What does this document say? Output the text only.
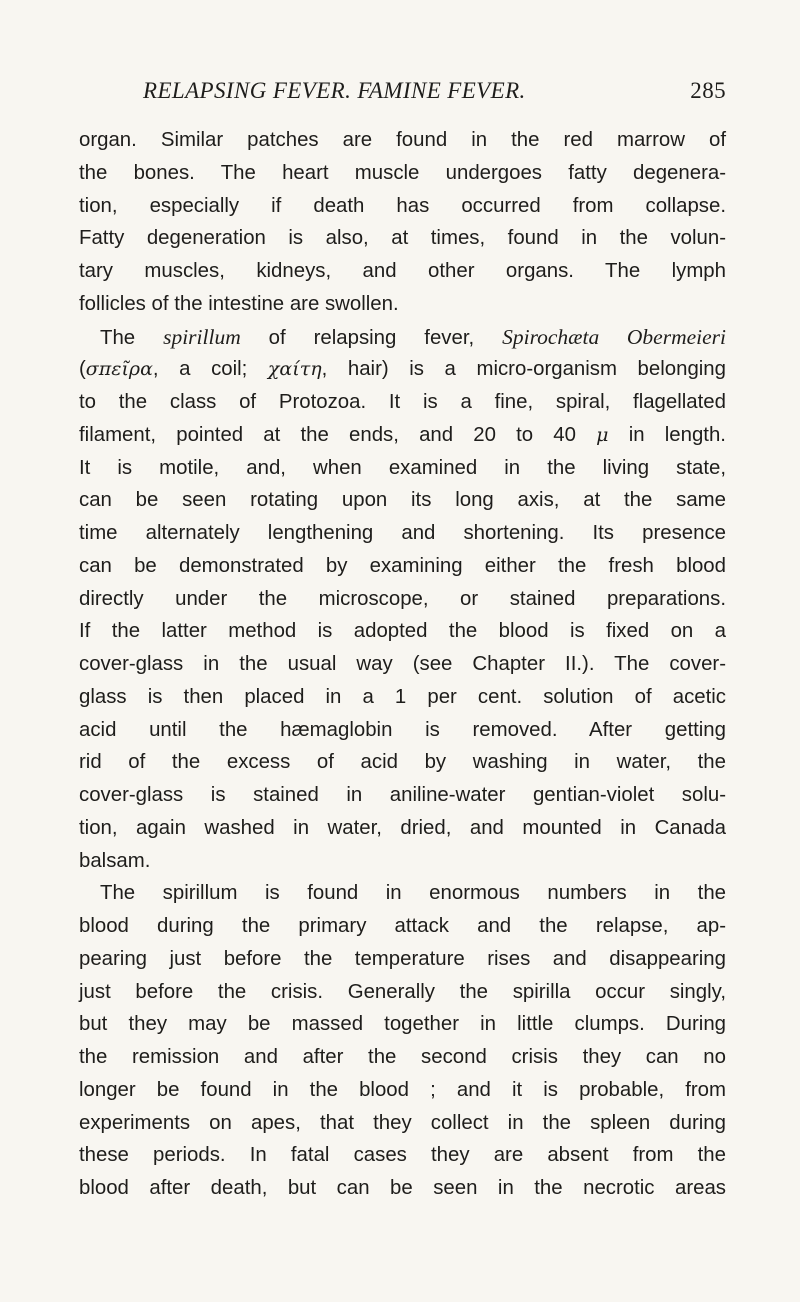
RELAPSING FEVER. FAMINE FEVER.	285
organ. Similar patches are found in the red marrow of
the bones. The heart muscle undergoes fatty degenera-
tion, especially if death has occurred from collapse.
Fatty degeneration is also, at times, found in the volun-
tary muscles, kidneys, and other organs. The lymph
follicles of the intestine are swollen.
The spirillum of relapsing fever, Spirochæta Obermeieri
(σπεῖρα, a coil; χαίτη, hair) is a micro-organism belonging
to the class of Protozoa. It is a fine, spiral, flagellated
filament, pointed at the ends, and 20 to 40 μ in length.
It is motile, and, when examined in the living state,
can be seen rotating upon its long axis, at the same
time alternately lengthening and shortening. Its presence
can be demonstrated by examining either the fresh blood
directly under the microscope, or stained preparations.
If the latter method is adopted the blood is fixed on a
cover-glass in the usual way (see Chapter II.). The cover-
glass is then placed in a 1 per cent. solution of acetic
acid until the hæmaglobin is removed. After getting
rid of the excess of acid by washing in water, the
cover-glass is stained in aniline-water gentian-violet solu-
tion, again washed in water, dried, and mounted in Canada
balsam.
The spirillum is found in enormous numbers in the
blood during the primary attack and the relapse, ap-
pearing just before the temperature rises and disappearing
just before the crisis. Generally the spirilla occur singly,
but they may be massed together in little clumps. During
the remission and after the second crisis they can no
longer be found in the blood ; and it is probable, from
experiments on apes, that they collect in the spleen during
these periods. In fatal cases they are absent from the
blood after death, but can be seen in the necrotic areas
